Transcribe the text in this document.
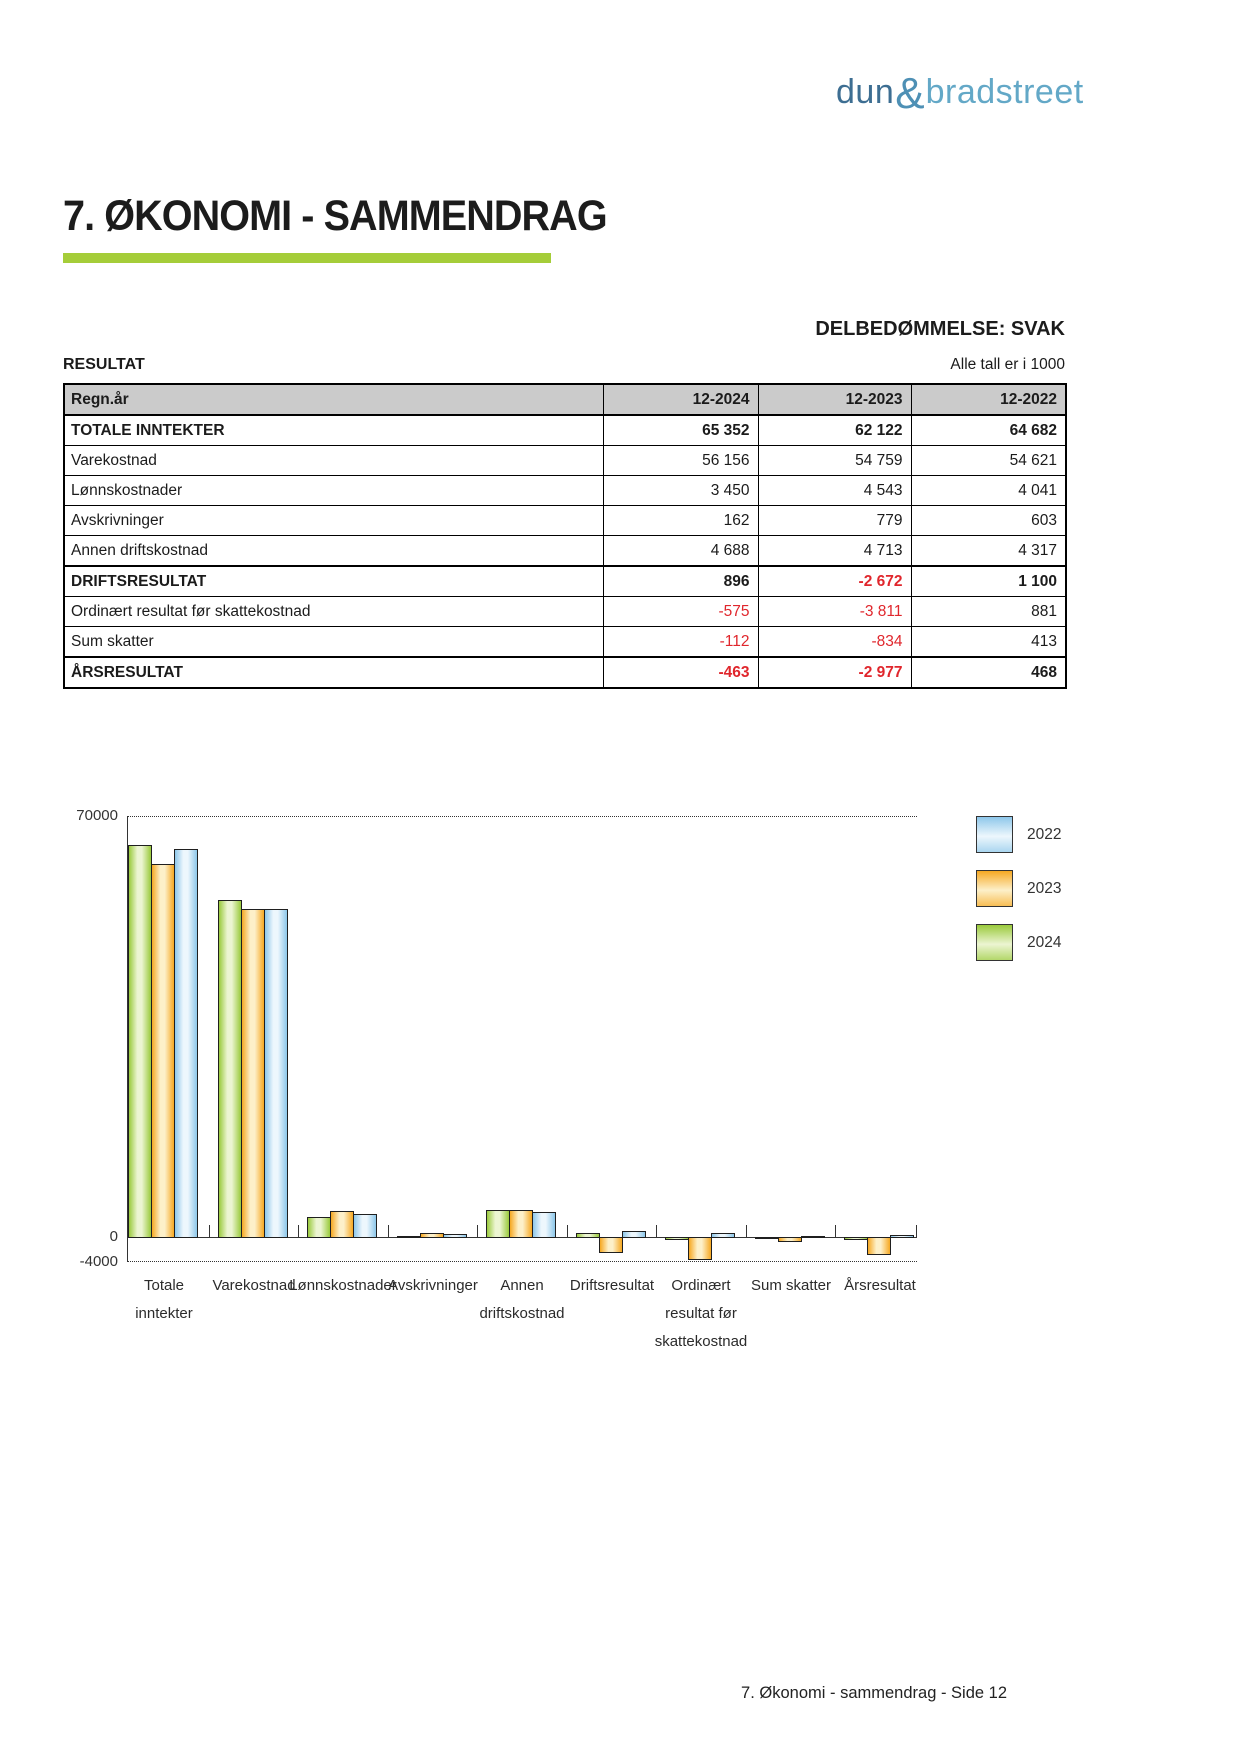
dun&bradstreet
7. ØKONOMI - SAMMENDRAG
DELBEDØMMELSE: SVAK
RESULTAT	Alle tall er i 1000
Regn.år	12-2024	12-2023	12-2022
TOTALE INNTEKTER	65 352	62 122	64 682
Varekostnad	56 156	54 759	54 621
Lønnskostnader	3 450	4 543	4 041
Avskrivninger	162	779	603
Annen driftskostnad	4 688	4 713	4 317
DRIFTSRESULTAT	896	-2 672	1 100
Ordinært resultat før skattekostnad	-575	-3 811	881
Sum skatter	-112	-834	413
ÅRSRESULTAT	-463	-2 977	468
70000
0
-4000
Totale
inntekter
Varekostnad
Lønnskostnader
Avskrivninger	Annen
driftskostnad
Driftsresultat	Ordinært
resultat før
skattekostnad
Sum skatter Årsresultat
2022
2023
2024
7. Økonomi - sammendrag - Side 12
